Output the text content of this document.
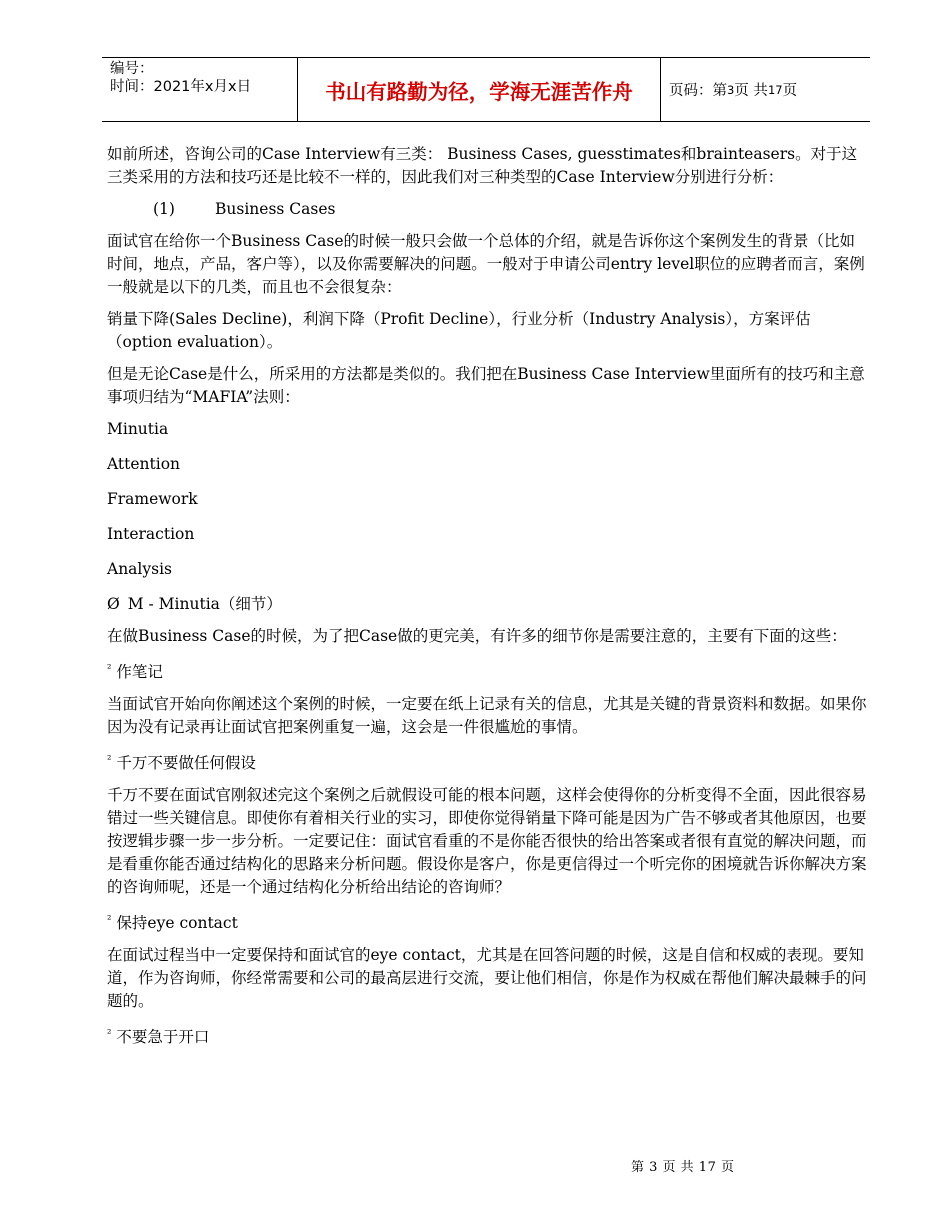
编号：
时间：2021年x月x日	书山有路勤为径，学海无涯苦作舟	页码：第 3 页 共 17 页

如前所述，咨询公司的Case Interview有三类： Business Cases, guesstimates和brainteasers。对于这三类采用的方法和技巧还是比较不一样的，因此我们对三种类型的Case Interview分别进行分析：

(1)	Business Cases

面试官在给你一个Business Case的时候一般只会做一个总体的介绍，就是告诉你这个案例发生的背景（比如时间，地点，产品，客户等），以及你需要解决的问题。一般对于申请公司entry level职位的应聘者而言，案例一般就是以下的几类，而且也不会很复杂：

销量下降(Sales Decline)，利润下降（Profit Decline），行业分析（Industry Analysis），方案评估（option evaluation）。

但是无论Case是什么，所采用的方法都是类似的。我们把在Business Case Interview里面所有的技巧和主意事项归结为“MAFIA”法则：

Minutia

Attention

Framework

Interaction

Analysis

Ø M - Minutia（细节）

在做Business Case的时候，为了把Case做的更完美，有许多的细节你是需要注意的，主要有下面的这些：

$^{^2}$ 作笔记

当面试官开始向你阐述这个案例的时候，一定要在纸上记录有关的信息，尤其是关键的背景资料和数据。如果你因为没有记录再让面试官把案例重复一遍，这会是一件很尴尬的事情。

$^{^2}$ 千万不要做任何假设

千万不要在面试官刚叙述完这个案例之后就假设可能的根本问题，这样会使得你的分析变得不全面，因此很容易错过一些关键信息。即使你有着相关行业的实习，即使你觉得销量下降可能是因为广告不够或者其他原因，也要按逻辑步骤一步一步分析。一定要记住：面试官看重的不是你能否很快的给出答案或者很有直觉的解决问题，而是看重你能否通过结构化的思路来分析问题。假设你是客户，你是更信得过一个听完你的困境就告诉你解决方案的咨询师呢，还是一个通过结构化分析给出结论的咨询师？

$^{^2}$ 保持eye contact

在面试过程当中一定要保持和面试官的eye contact，尤其是在回答问题的时候，这是自信和权威的表现。要知道，作为咨询师，你经常需要和公司的最高层进行交流，要让他们相信，你是作为权威在帮他们解决最棘手的问题的。

$^{^2}$ 不要急于开口

第 3 页 共 17 页
